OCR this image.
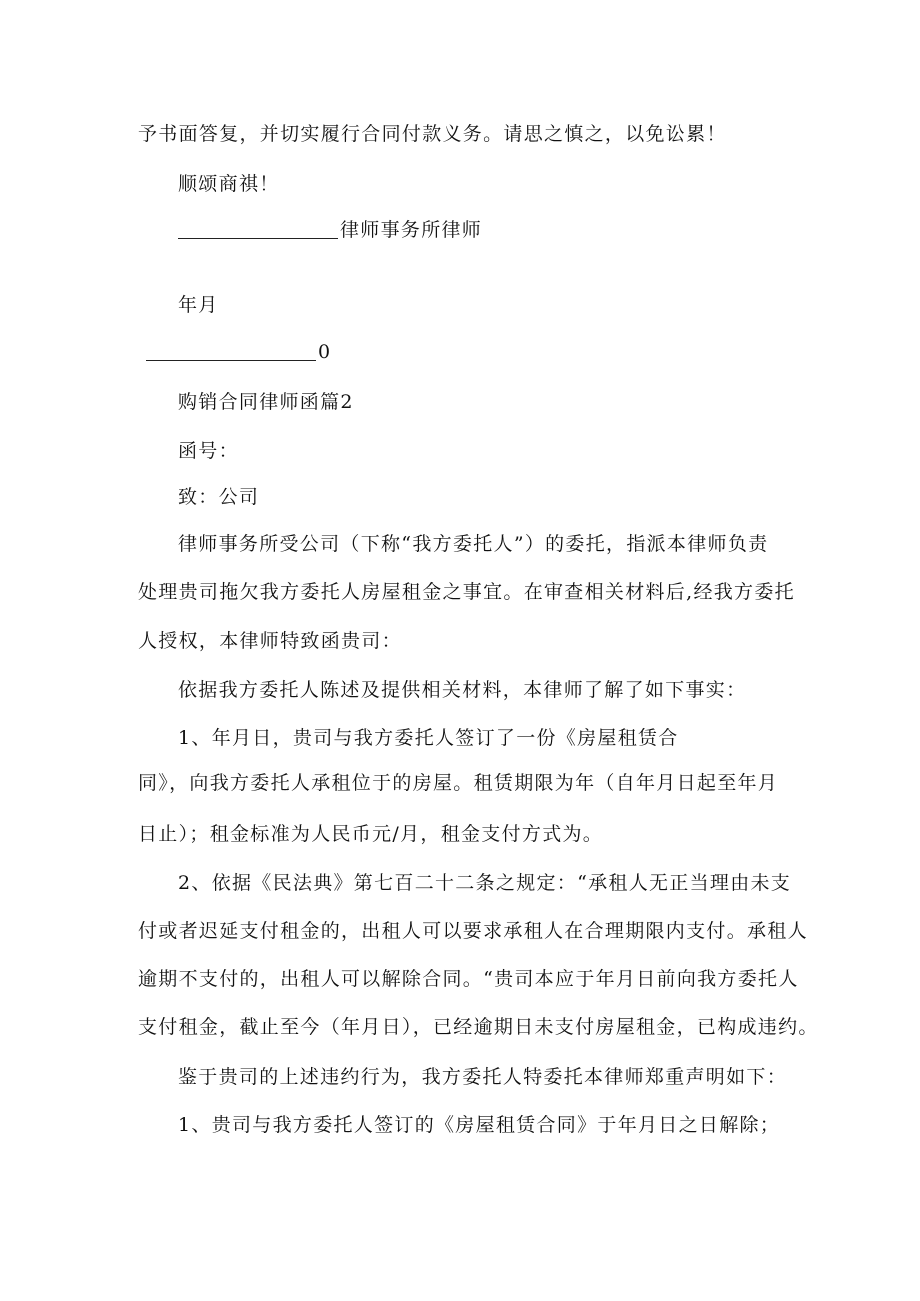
予书面答复，并切实履行合同付款义务。请思之慎之，以免讼累！
顺颂商祺！
律师事务所律师
年月
0
购销合同律师函篇2
函号：
致：公司
律师事务所受公司（下称“我方委托人”）的委托，指派本律师负责
处理贵司拖欠我方委托人房屋租金之事宜。在审查相关材料后,经我方委托
人授权，本律师特致函贵司：
依据我方委托人陈述及提供相关材料，本律师了解了如下事实：
1、年月日，贵司与我方委托人签订了一份《房屋租赁合
同》，向我方委托人承租位于的房屋。租赁期限为年（自年月日起至年月
日止）；租金标准为人民币元/月，租金支付方式为。
2、依据《民法典》第七百二十二条之规定：“承租人无正当理由未支
付或者迟延支付租金的，出租人可以要求承租人在合理期限内支付。承租人
逾期不支付的，出租人可以解除合同。“贵司本应于年月日前向我方委托人
支付租金，截止至今（年月日），已经逾期日未支付房屋租金，已构成违约。
鉴于贵司的上述违约行为，我方委托人特委托本律师郑重声明如下：
1、贵司与我方委托人签订的《房屋租赁合同》于年月日之日解除；
